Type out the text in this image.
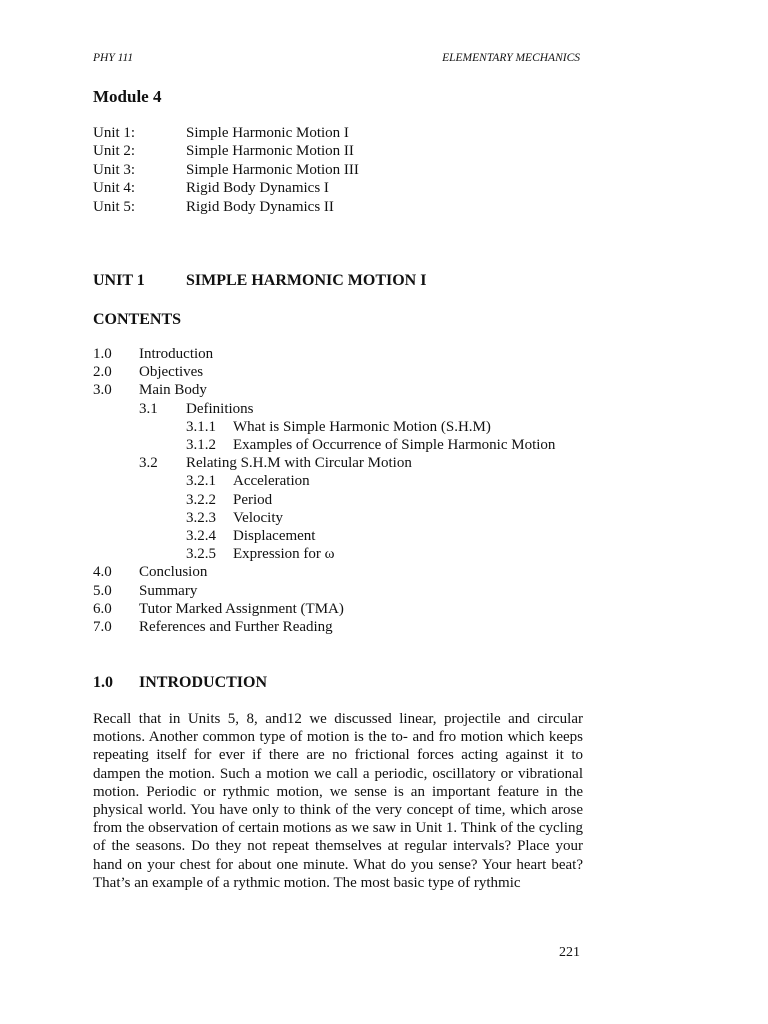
PHY 111	ELEMENTARY MECHANICS
Module 4
Unit 1:	Simple Harmonic Motion I
Unit 2:	Simple Harmonic Motion II
Unit 3:	Simple Harmonic Motion III
Unit 4:	Rigid Body Dynamics I
Unit 5:	Rigid Body Dynamics II
UNIT 1	SIMPLE HARMONIC MOTION I
CONTENTS
1.0	Introduction
2.0	Objectives
3.0	Main Body
3.1	Definitions
3.1.1	What is Simple Harmonic Motion (S.H.M)
3.1.2	Examples of Occurrence of Simple Harmonic Motion
3.2	Relating S.H.M with Circular Motion
3.2.1	Acceleration
3.2.2	Period
3.2.3	Velocity
3.2.4	Displacement
3.2.5	Expression for ω
4.0	Conclusion
5.0	Summary
6.0	Tutor Marked Assignment (TMA)
7.0	References and Further Reading
1.0	INTRODUCTION

Recall that in Units 5, 8, and12 we discussed linear, projectile and circular motions. Another common type of motion is the to- and fro motion which keeps repeating itself for ever if there are no frictional forces acting against it to dampen the motion. Such a motion we call a periodic, oscillatory or vibrational motion. Periodic or rythmic motion, we sense is an important feature in the physical world. You have only to think of the very concept of time, which arose from the observation of certain motions as we saw in Unit 1. Think of the cycling of the seasons. Do they not repeat themselves at regular intervals? Place your hand on your chest for about one minute. What do you sense? Your heart beat? That’s an example of a rythmic motion. The most basic type of rythmic

221
